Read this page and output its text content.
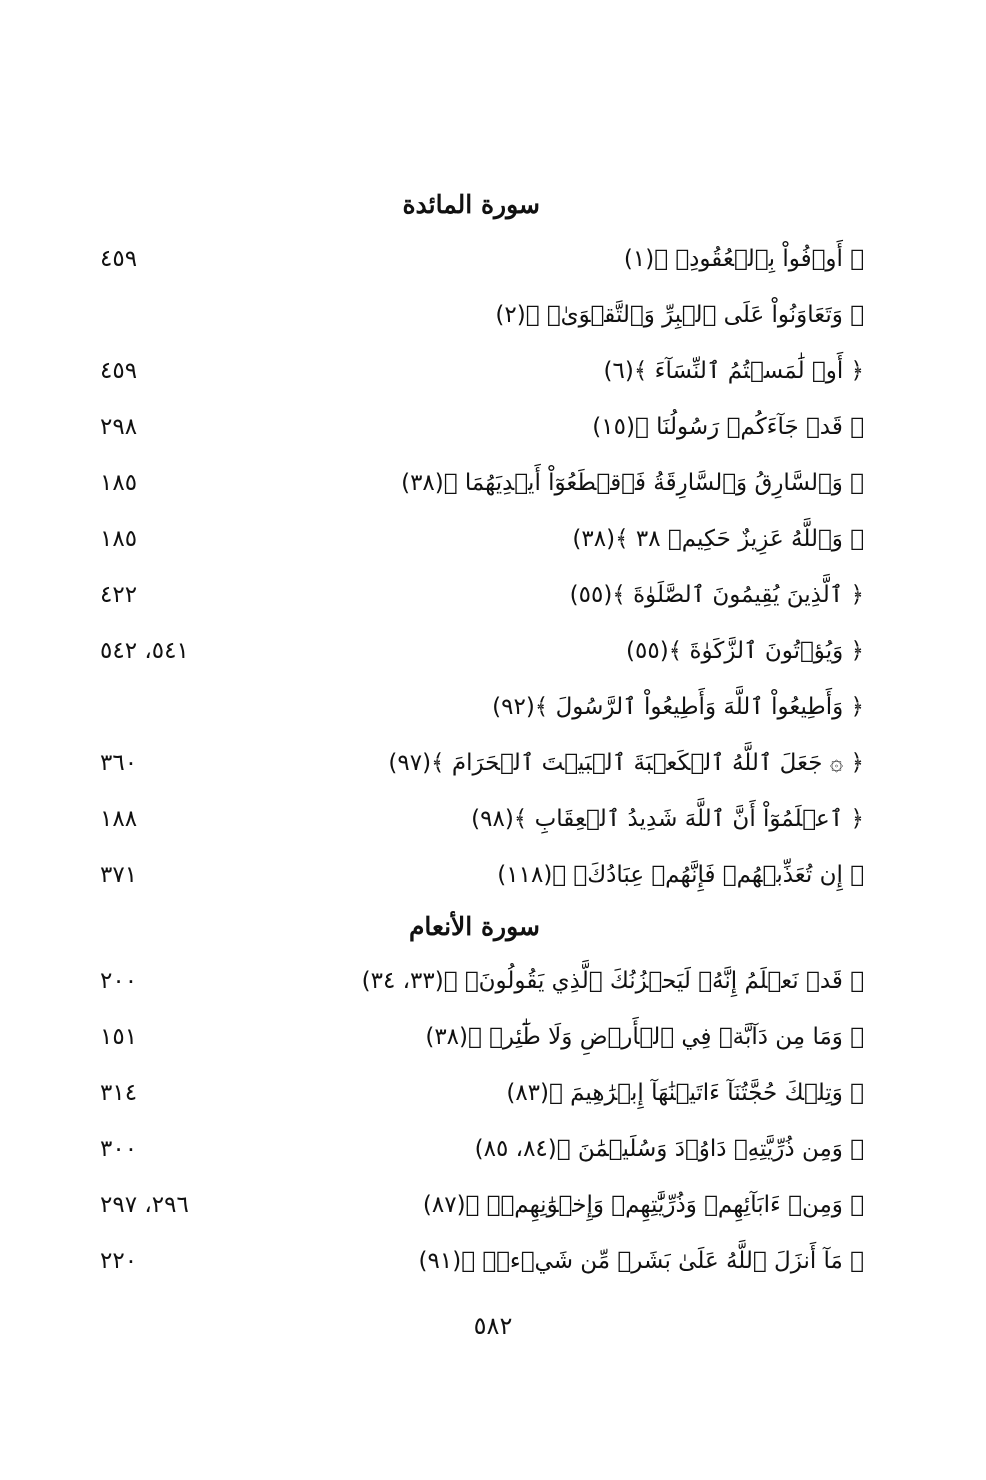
سورة المائدة
﴿ أَوۡفُواْ بِٱلۡعُقُودِۚ ﴾(١)
٤٥٩
﴿ وَتَعَاوَنُواْ عَلَى ٱلۡبِرِّ وَٱلتَّقۡوَىٰۖ ﴾(٢)
﴿ أَوۡ لَٰمَسۡتُمُ ٱلنِّسَآءَ ﴾(٦)
٤٥٩
﴿ قَدۡ جَآءَكُمۡ رَسُولُنَا ﴾(١٥)
٢٩٨
﴿ وَٱلسَّارِقُ وَٱلسَّارِقَةُ فَٱقۡطَعُوٓاْ أَيۡدِيَهُمَا ﴾(٣٨)
١٨٥
﴿ وَٱللَّهُ عَزِيزٌ حَكِيمٞ ٣٨ ﴾(٣٨)
١٨٥
﴿ ٱلَّذِينَ يُقِيمُونَ ٱلصَّلَوٰةَ ﴾(٥٥)
٤٢٢
﴿ وَيُؤۡتُونَ ٱلزَّكَوٰةَ ﴾(٥٥)
٥٤١، ٥٤٢
﴿ وَأَطِيعُواْ ٱللَّهَ وَأَطِيعُواْ ٱلرَّسُولَ ﴾(٩٢)
﴿ ۞ جَعَلَ ٱللَّهُ ٱلۡكَعۡبَةَ ٱلۡبَيۡتَ ٱلۡحَرَامَ ﴾(٩٧)
٣٦٠
﴿ ٱعۡلَمُوٓاْ أَنَّ ٱللَّهَ شَدِيدُ ٱلۡعِقَابِ ﴾(٩٨)
١٨٨
﴿ إِن تُعَذِّبۡهُمۡ فَإِنَّهُمۡ عِبَادُكَۖ ﴾(١١٨)
٣٧١
سورة الأنعام
﴿ قَدۡ نَعۡلَمُ إِنَّهُۥ لَيَحۡزُنُكَ ٱلَّذِي يَقُولُونَۖ ﴾(٣٣، ٣٤)
٢٠٠
﴿ وَمَا مِن دَآبَّةٖ فِي ٱلۡأَرۡضِ وَلَا طَٰٓئِرٖ ﴾(٣٨)
١٥١
﴿ وَتِلۡكَ حُجَّتُنَآ ءَاتَيۡنَٰهَآ إِبۡرَٰهِيمَ ﴾(٨٣)
٣١٤
﴿ وَمِن ذُرِّيَّتِهِۦ دَاوُۥدَ وَسُلَيۡمَٰنَ ﴾(٨٤، ٨٥)
٣٠٠
﴿ وَمِنۡ ءَابَآئِهِمۡ وَذُرِّيَّٰتِهِمۡ وَإِخۡوَٰنِهِمۡۖ ﴾(٨٧)
٢٩٦، ٢٩٧
﴿ مَآ أَنزَلَ ٱللَّهُ عَلَىٰ بَشَرٖ مِّن شَيۡءٖۗ ﴾(٩١)
٢٢٠
٥٨٢
